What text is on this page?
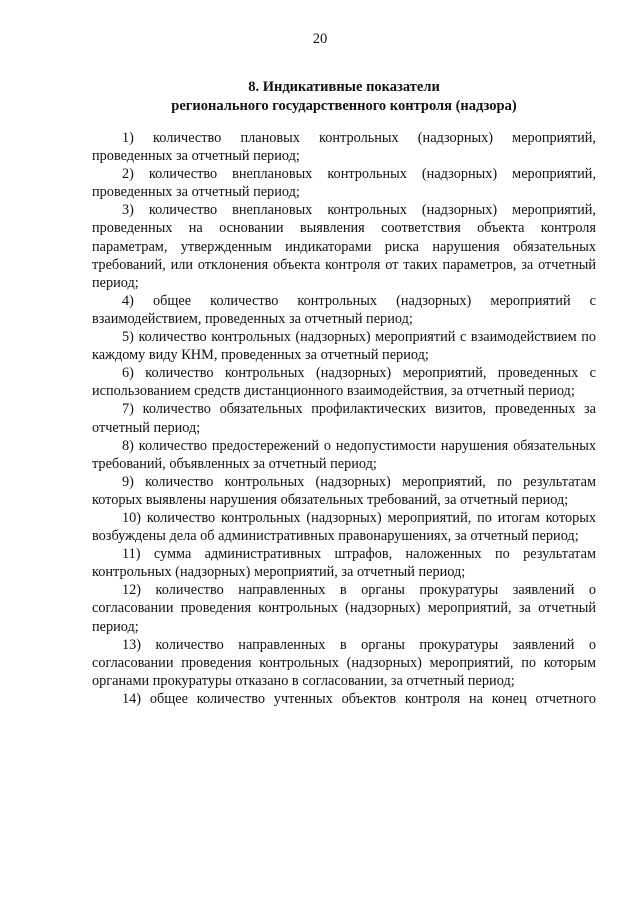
20
8. Индикативные показатели
регионального государственного контроля (надзора)

1) количество плановых контрольных (надзорных) мероприятий, проведенных за отчетный период;

2) количество внеплановых контрольных (надзорных) мероприятий, проведенных за отчетный период;

3) количество внеплановых контрольных (надзорных) мероприятий, проведенных на основании выявления соответствия объекта контроля параметрам, утвержденным индикаторами риска нарушения обязательных требований, или отклонения объекта контроля от таких параметров, за отчетный период;

4) общее количество контрольных (надзорных) мероприятий с взаимодействием, проведенных за отчетный период;

5) количество контрольных (надзорных) мероприятий с взаимодействием по каждому виду КНМ, проведенных за отчетный период;

6) количество контрольных (надзорных) мероприятий, проведенных с использованием средств дистанционного взаимодействия, за отчетный период;

7) количество обязательных профилактических визитов, проведенных за отчетный период;

8) количество предостережений о недопустимости нарушения обязательных требований, объявленных за отчетный период;

9) количество контрольных (надзорных) мероприятий, по результатам которых выявлены нарушения обязательных требований, за отчетный период;

10) количество контрольных (надзорных) мероприятий, по итогам которых возбуждены дела об административных правонарушениях, за отчетный период;

11) сумма административных штрафов, наложенных по результатам контрольных (надзорных) мероприятий, за отчетный период;

12) количество направленных в органы прокуратуры заявлений о согласовании проведения контрольных (надзорных) мероприятий, за отчетный период;

13) количество направленных в органы прокуратуры заявлений о согласовании проведения контрольных (надзорных) мероприятий, по которым органами прокуратуры отказано в согласовании, за отчетный период;

14) общее количество учтенных объектов контроля на конец отчетного
